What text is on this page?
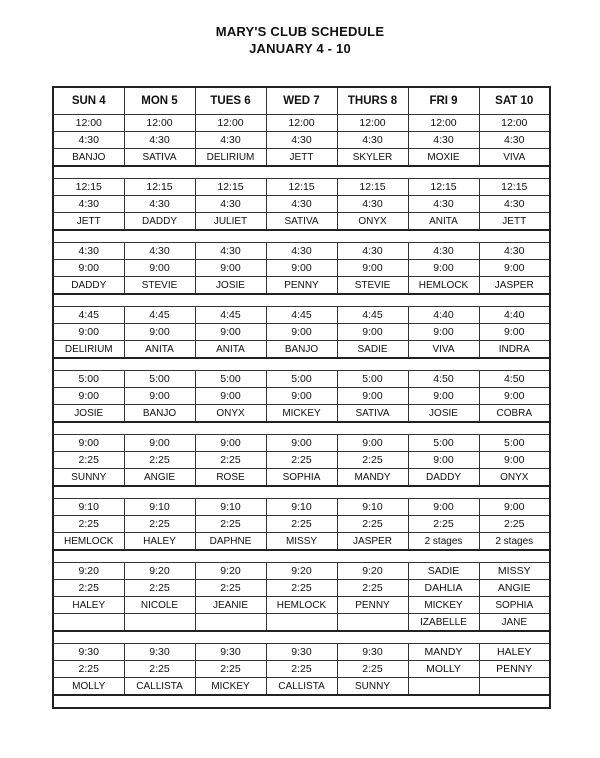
MARY'S CLUB SCHEDULE
JANUARY 4 - 10
SUN 4	MON 5	TUES 6	WED 7	THURS 8	FRI 9	SAT 10
12:00	12:00	12:00	12:00	12:00	12:00	12:00
4:30	4:30	4:30	4:30	4:30	4:30	4:30
BANJO	SATIVA	DELIRIUM	JETT	SKYLER	MOXIE	VIVA

12:15	12:15	12:15	12:15	12:15	12:15	12:15
4:30	4:30	4:30	4:30	4:30	4:30	4:30
JETT	DADDY	JULIET	SATIVA	ONYX	ANITA	JETT

4:30	4:30	4:30	4:30	4:30	4:30	4:30
9:00	9:00	9:00	9:00	9:00	9:00	9:00
DADDY	STEVIE	JOSIE	PENNY	STEVIE	HEMLOCK	JASPER

4:45	4:45	4:45	4:45	4:45	4:40	4:40
9:00	9:00	9:00	9:00	9:00	9:00	9:00
DELIRIUM	ANITA	ANITA	BANJO	SADIE	VIVA	INDRA

5:00	5:00	5:00	5:00	5:00	4:50	4:50
9:00	9:00	9:00	9:00	9:00	9:00	9:00
JOSIE	BANJO	ONYX	MICKEY	SATIVA	JOSIE	COBRA

9:00	9:00	9:00	9:00	9:00	5:00	5:00
2:25	2:25	2:25	2:25	2:25	9:00	9:00
SUNNY	ANGIE	ROSE	SOPHIA	MANDY	DADDY	ONYX

9:10	9:10	9:10	9:10	9:10	9:00	9:00
2:25	2:25	2:25	2:25	2:25	2:25	2:25
HEMLOCK	HALEY	DAPHNE	MISSY	JASPER	2 stages	2 stages

9:20	9:20	9:20	9:20	9:20	SADIE	MISSY
2:25	2:25	2:25	2:25	2:25	DAHLIA	ANGIE
HALEY	NICOLE	JEANIE	HEMLOCK	PENNY	MICKEY	SOPHIA
					IZABELLE	JANE

9:30	9:30	9:30	9:30	9:30	MANDY	HALEY
2:25	2:25	2:25	2:25	2:25	MOLLY	PENNY
MOLLY	CALLISTA	MICKEY	CALLISTA	SUNNY		
